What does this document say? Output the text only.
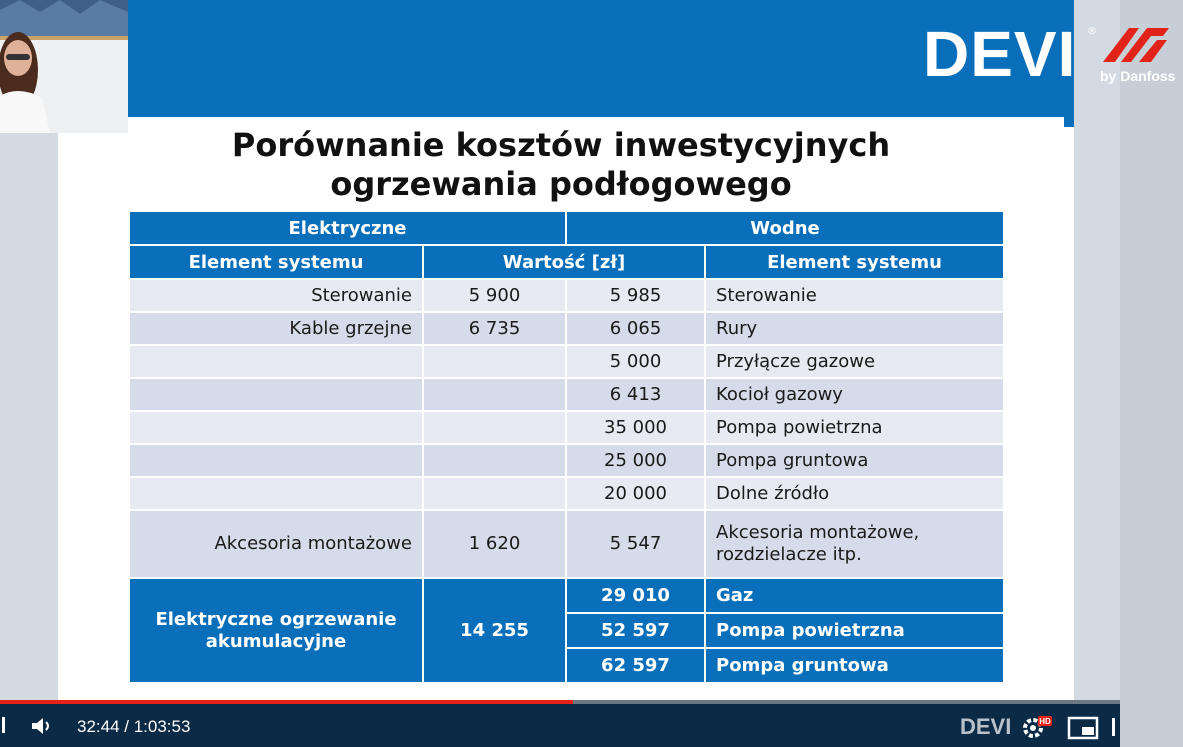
DEVI ®
by Danfoss
Porównanie kosztów inwestycyjnych
ogrzewania podłogowego
Elektryczne		Wodne	
Element systemu	Wartość [zł]		Element systemu
Sterowanie	5 900	5 985	Sterowanie
Kable grzejne	6 735	6 065	Rury
		5 000	Przyłącze gazowe
		6 413	Kocioł gazowy
		35 000	Pompa powietrzna
		25 000	Pompa gruntowa
		20 000	Dolne źródło
Akcesoria montażowe	1 620	5 547	Akcesoria montażowe, rozdzielacze itp.
Elektryczne ogrzewanie akumulacyjne	14 255	29 010	Gaz
		52 597	Pompa powietrzna
		62 597	Pompa gruntowa
32:44 / 1:03:53	DEVI	HD
